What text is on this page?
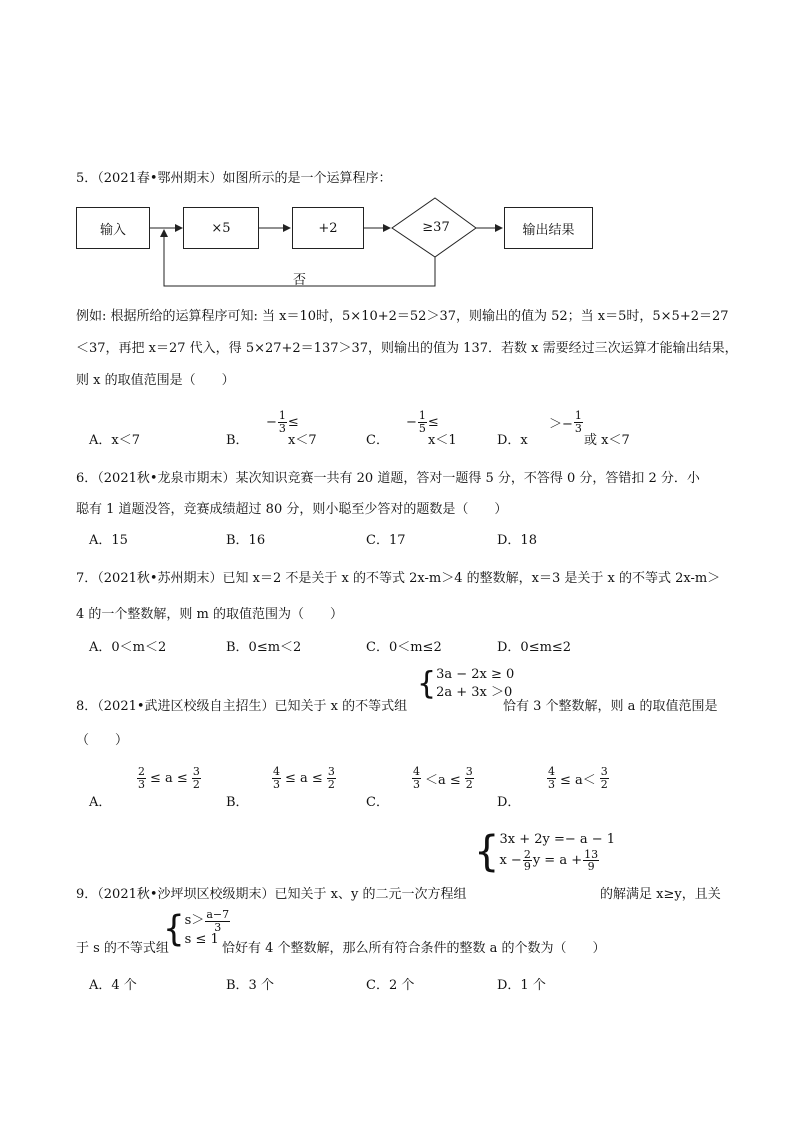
5．（2021春•鄂州期末）如图所示的是一个运算程序：
输入	×5	+2	≥37	输出结果
否
例如: 根据所给的运算程序可知: 当 x＝10时，5×10+2＝52＞37，则输出的值为 52；当 x＝5时，5×5+2＝27
＜37，再把 x＝27 代入，得 5×27+2＝137＞37，则输出的值为 137．若数 x 需要经过三次运算才能输出结果，
则 x 的取值范围是（　　）
A．x＜7	B．
− $\frac{1}{3}$ ≤
x＜7	C．
− $\frac{1}{5}$ ≤
x＜1	D．x
＞− $\frac{1}{3}$
或 x＜7
6．（2021秋•龙泉市期末）某次知识竞赛一共有 20 道题，答对一题得 5 分，不答得 0 分，答错扣 2 分．小
聪有 1 道题没答，竞赛成绩超过 80 分，则小聪至少答对的题数是（　　）
A．15	B．16	C．17	D．18
7．（2021秋•苏州期末）已知 x＝2 不是关于 x 的不等式 2x-m＞4 的整数解，x＝3 是关于 x 的不等式 2x-m＞
4 的一个整数解，则 m 的取值范围为（　　）
A．0＜m＜2	B．0≤m＜2	C．0＜m≤2	D．0≤m≤2
{ 3a − 2x ≥ 0
2a + 3x ＞0
8．（2021•武进区校级自主招生）已知关于 x 的不等式组	恰有 3 个整数解，则 a 的取值范围是
（　　）
A．
$\frac{2}{3} \le a \le \frac{3}{2}$
B．
$\frac{4}{3} \le a \le \frac{3}{2}$
C．
$\frac{4}{3} <a \le \frac{3}{2}$
D．
$\frac{4}{3} \le a< \frac{3}{2}$
{ 3x + 2y =− a − 1
$x - \frac{2}{9}$ $y = a + \frac{13}{9}$
9．（2021秋•沙坪坝区校级期末）已知关于 x、y 的二元一次方程组	的解满足 x≥y，且关
{ $s> \frac{a-7}{3}$
s ≤ 1
于 s 的不等式组	恰好有 4 个整数解，那么所有符合条件的整数 a 的个数为（　　）
A．4 个	B．3 个	C．2 个	D．1 个
